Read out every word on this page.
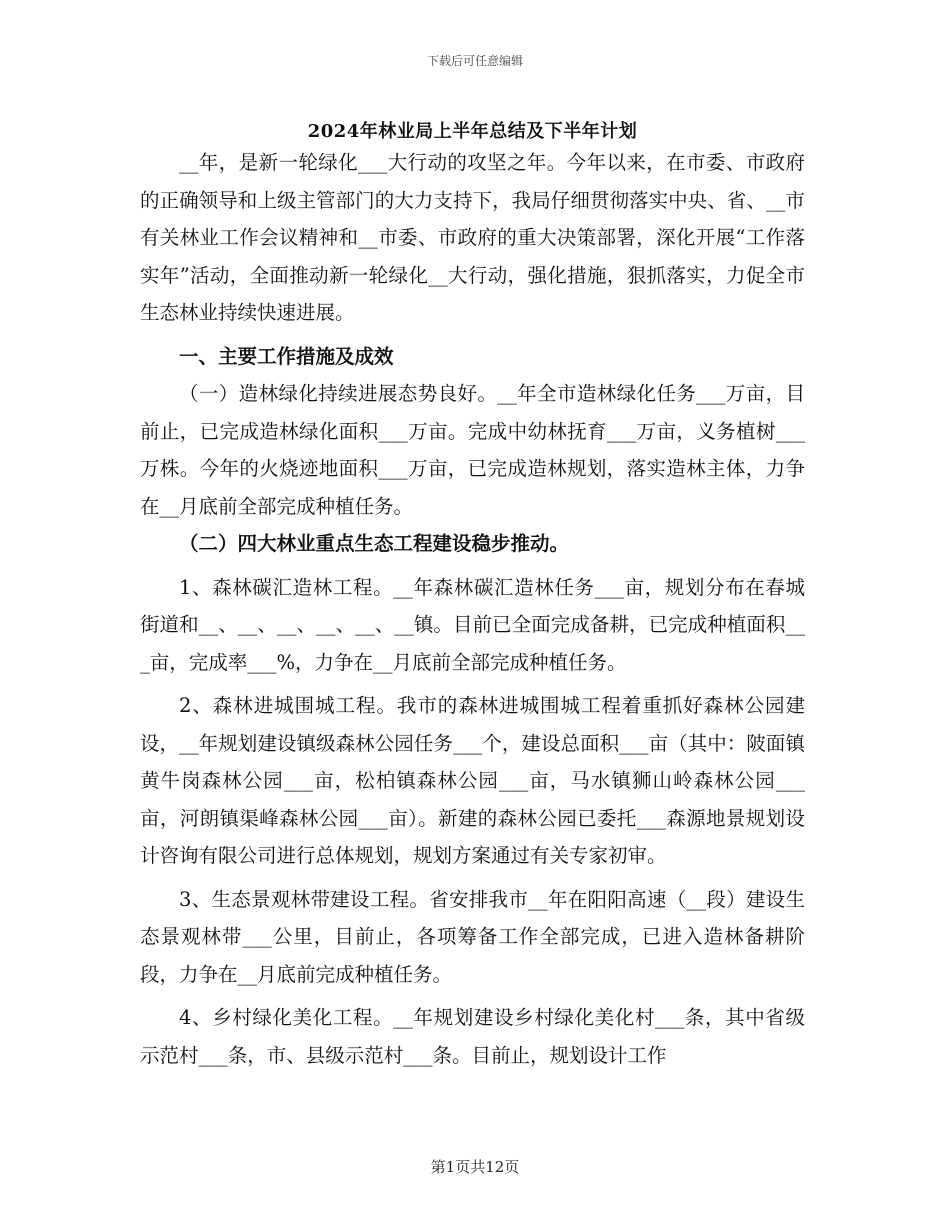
下载后可任意编辑
2024年林业局上半年总结及下半年计划

__年，是新一轮绿化___大行动的攻坚之年。今年以来，在市委、市政府的正确领导和上级主管部门的大力支持下，我局仔细贯彻落实中央、省、__市有关林业工作会议精神和__市委、市政府的重大决策部署，深化开展“工作落实年”活动，全面推动新一轮绿化__大行动，强化措施，狠抓落实，力促全市生态林业持续快速进展。

一、主要工作措施及成效

（一）造林绿化持续进展态势良好。__年全市造林绿化任务___万亩，目前止，已完成造林绿化面积___万亩。完成中幼林抚育___万亩，义务植树___万株。今年的火烧迹地面积___万亩，已完成造林规划，落实造林主体，力争在__月底前全部完成种植任务。

（二）四大林业重点生态工程建设稳步推动。

1、森林碳汇造林工程。__年森林碳汇造林任务___亩，规划分布在春城街道和__、__、__、__、__、__镇。目前已全面完成备耕，已完成种植面积___亩，完成率___%，力争在__月底前全部完成种植任务。

2、森林进城围城工程。我市的森林进城围城工程着重抓好森林公园建设，__年规划建设镇级森林公园任务___个，建设总面积___亩（其中：陂面镇黄牛岗森林公园___亩，松柏镇森林公园___亩，马水镇狮山岭森林公园___亩，河朗镇渠峰森林公园___亩）。新建的森林公园已委托___森源地景规划设计咨询有限公司进行总体规划，规划方案通过有关专家初审。

3、生态景观林带建设工程。省安排我市__年在阳阳高速（__段）建设生态景观林带___公里，目前止，各项筹备工作全部完成，已进入造林备耕阶段，力争在__月底前完成种植任务。

4、乡村绿化美化工程。__年规划建设乡村绿化美化村___条，其中省级示范村___条，市、县级示范村___条。目前止，规划设计工作

第1页共12页
